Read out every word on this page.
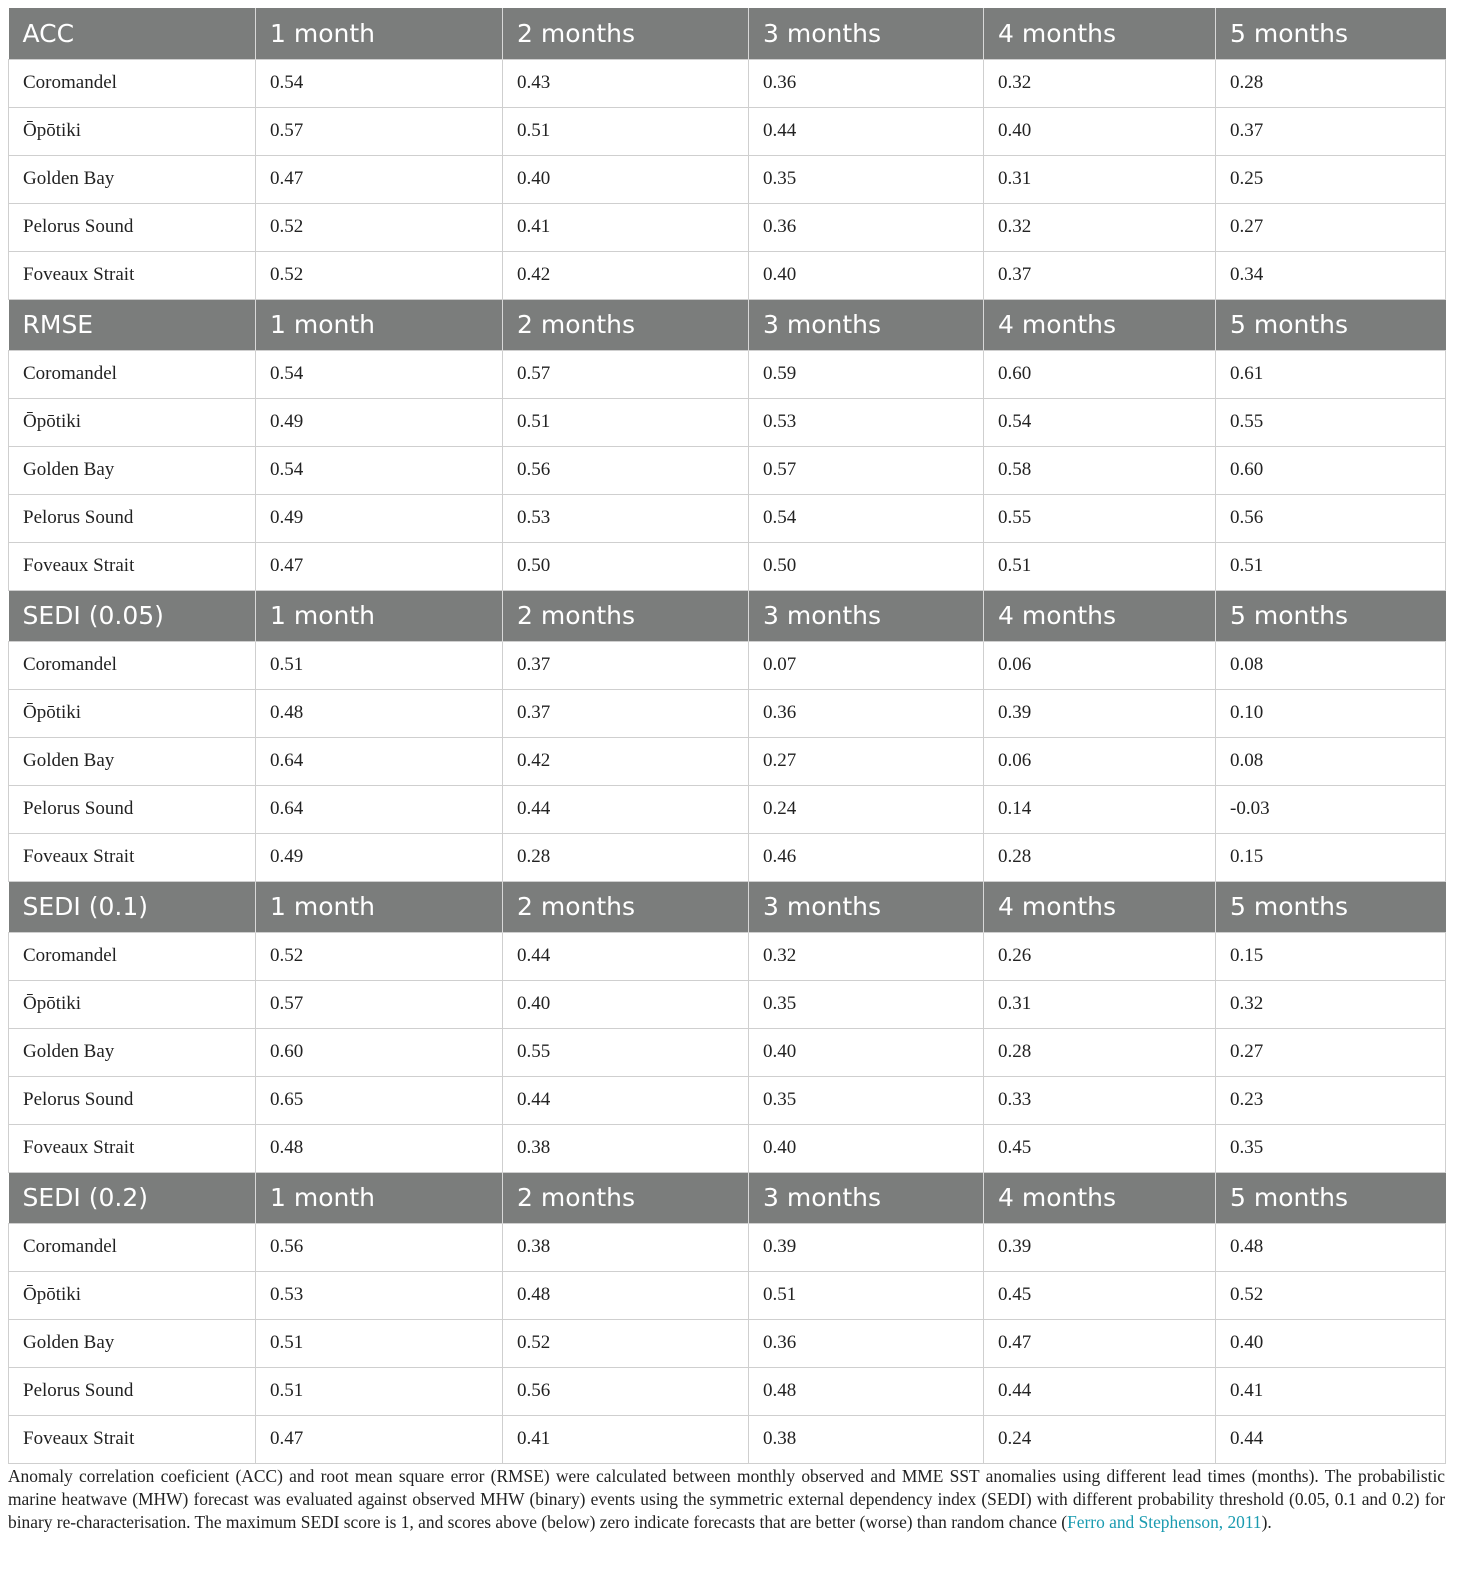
ACC	1 month	2 months	3 months	4 months	5 months
Coromandel	0.54	0.43	0.36	0.32	0.28
Ōpōtiki	0.57	0.51	0.44	0.40	0.37
Golden Bay	0.47	0.40	0.35	0.31	0.25
Pelorus Sound	0.52	0.41	0.36	0.32	0.27
Foveaux Strait	0.52	0.42	0.40	0.37	0.34
RMSE	1 month	2 months	3 months	4 months	5 months
Coromandel	0.54	0.57	0.59	0.60	0.61
Ōpōtiki	0.49	0.51	0.53	0.54	0.55
Golden Bay	0.54	0.56	0.57	0.58	0.60
Pelorus Sound	0.49	0.53	0.54	0.55	0.56
Foveaux Strait	0.47	0.50	0.50	0.51	0.51
SEDI (0.05)	1 month	2 months	3 months	4 months	5 months
Coromandel	0.51	0.37	0.07	0.06	0.08
Ōpōtiki	0.48	0.37	0.36	0.39	0.10
Golden Bay	0.64	0.42	0.27	0.06	0.08
Pelorus Sound	0.64	0.44	0.24	0.14	-0.03
Foveaux Strait	0.49	0.28	0.46	0.28	0.15
SEDI (0.1)	1 month	2 months	3 months	4 months	5 months
Coromandel	0.52	0.44	0.32	0.26	0.15
Ōpōtiki	0.57	0.40	0.35	0.31	0.32
Golden Bay	0.60	0.55	0.40	0.28	0.27
Pelorus Sound	0.65	0.44	0.35	0.33	0.23
Foveaux Strait	0.48	0.38	0.40	0.45	0.35
SEDI (0.2)	1 month	2 months	3 months	4 months	5 months
Coromandel	0.56	0.38	0.39	0.39	0.48
Ōpōtiki	0.53	0.48	0.51	0.45	0.52
Golden Bay	0.51	0.52	0.36	0.47	0.40
Pelorus Sound	0.51	0.56	0.48	0.44	0.41
Foveaux Strait	0.47	0.41	0.38	0.24	0.44

Anomaly correlation coeficient (ACC) and root mean square error (RMSE) were calculated between monthly observed and MME SST anomalies using different lead times (months). The probabilistic marine heatwave (MHW) forecast was evaluated against observed MHW (binary) events using the symmetric external dependency index (SEDI) with different probability threshold (0.05, 0.1 and 0.2) for binary re-characterisation. The maximum SEDI score is 1, and scores above (below) zero indicate forecasts that are better (worse) than random chance (Ferro and Stephenson, 2011).
